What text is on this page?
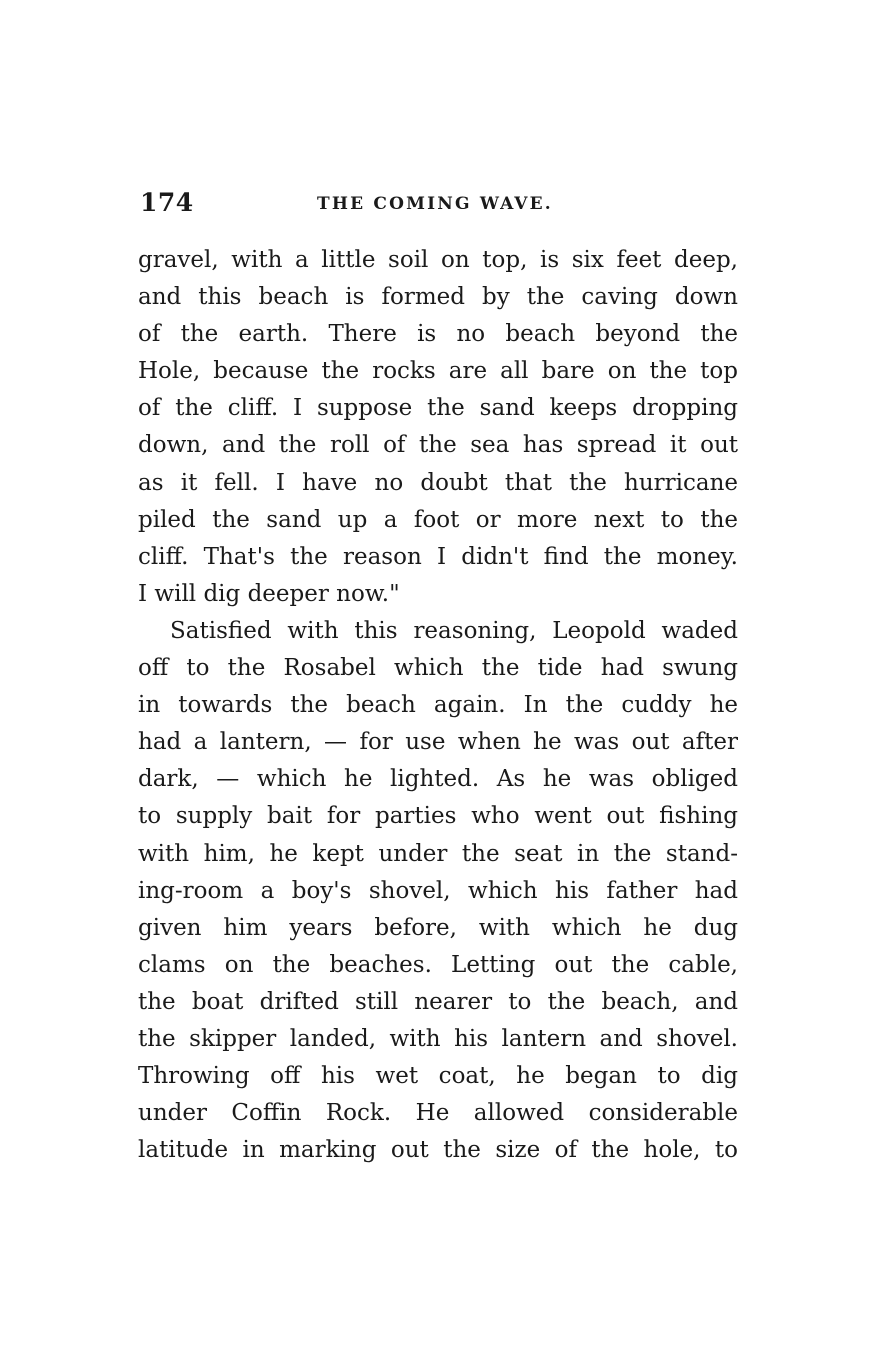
174	THE COMING WAVE.
gravel, with a little soil on top, is six feet deep,
and this beach is formed by the caving down
of the earth. There is no beach beyond the
Hole, because the rocks are all bare on the top
of the cliff. I suppose the sand keeps dropping
down, and the roll of the sea has spread it out
as it fell. I have no doubt that the hurricane
piled the sand up a foot or more next to the
cliff. That's the reason I didn't find the money.
I will dig deeper now."
Satisfied with this reasoning, Leopold waded
off to the Rosabel which the tide had swung
in towards the beach again. In the cuddy he
had a lantern, — for use when he was out after
dark, — which he lighted. As he was obliged
to supply bait for parties who went out fishing
with him, he kept under the seat in the stand-
ing-room a boy's shovel, which his father had
given him years before, with which he dug
clams on the beaches. Letting out the cable,
the boat drifted still nearer to the beach, and
the skipper landed, with his lantern and shovel.
Throwing off his wet coat, he began to dig
under Coffin Rock. He allowed considerable
latitude in marking out the size of the hole, to
